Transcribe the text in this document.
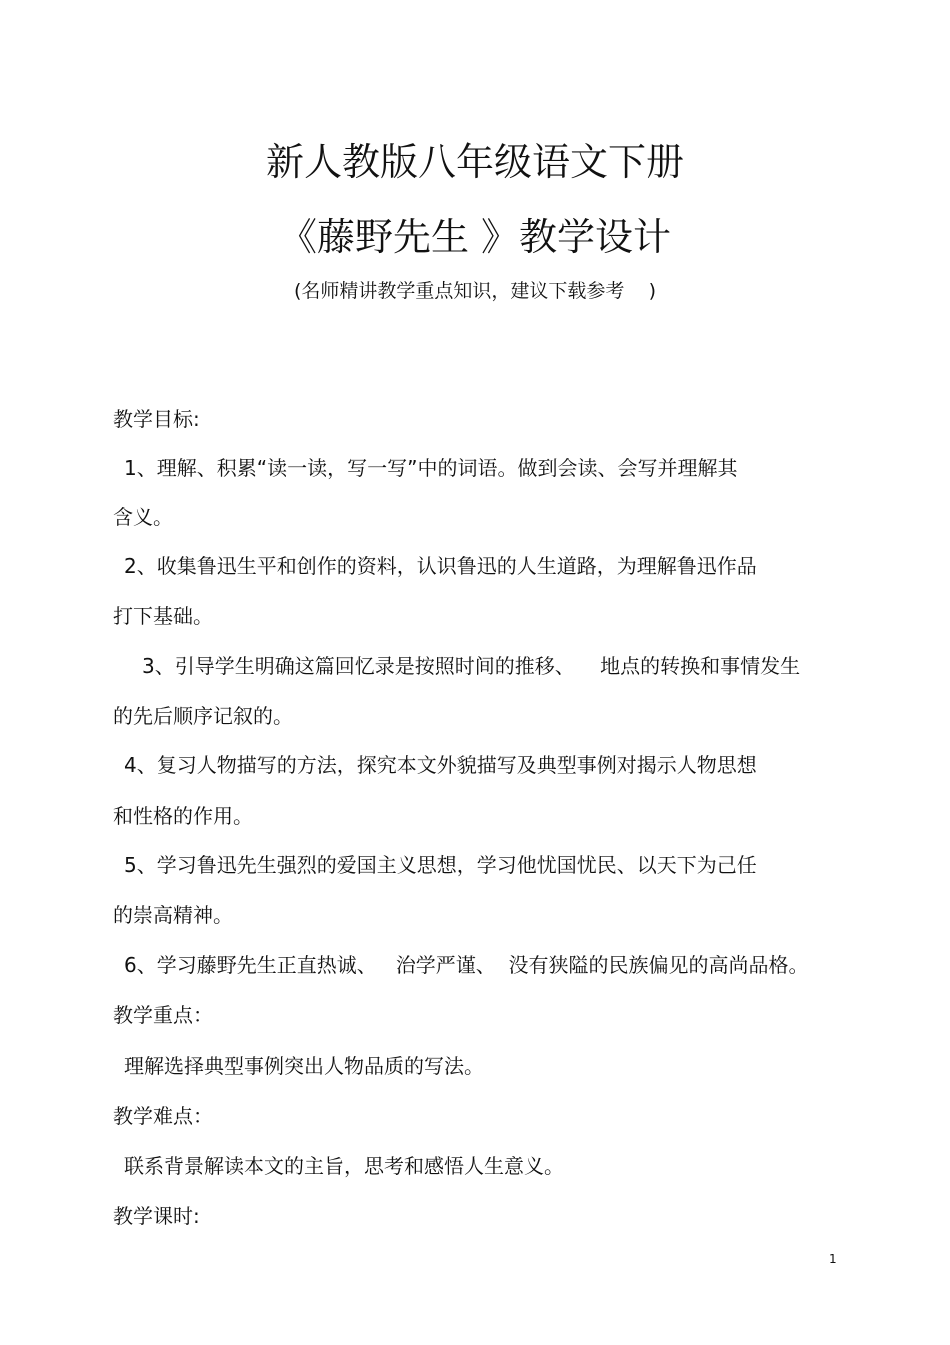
新人教版八年级语文下册
《藤野先生 》教学设计
(名师精讲教学重点知识，建议下载参考    )
教学目标:
1、理解、积累“读一读，写一写”中的词语。做到会读、会写并理解其
含义。
2、收集鲁迅生平和创作的资料，认识鲁迅的人生道路，为理解鲁迅作品
打下基础。
3、引导学生明确这篇回忆录是按照时间的推移、    地点的转换和事情发生
的先后顺序记叙的。
4、复习人物描写的方法，探究本文外貌描写及典型事例对揭示人物思想
和性格的作用。
5、学习鲁迅先生强烈的爱国主义思想，学习他忧国忧民、以天下为己任
的崇高精神。
6、学习藤野先生正直热诚、   治学严谨、  没有狭隘的民族偏见的高尚品格。
教学重点：
理解选择典型事例突出人物品质的写法。
教学难点：
联系背景解读本文的主旨，思考和感悟人生意义。
教学课时:
1
